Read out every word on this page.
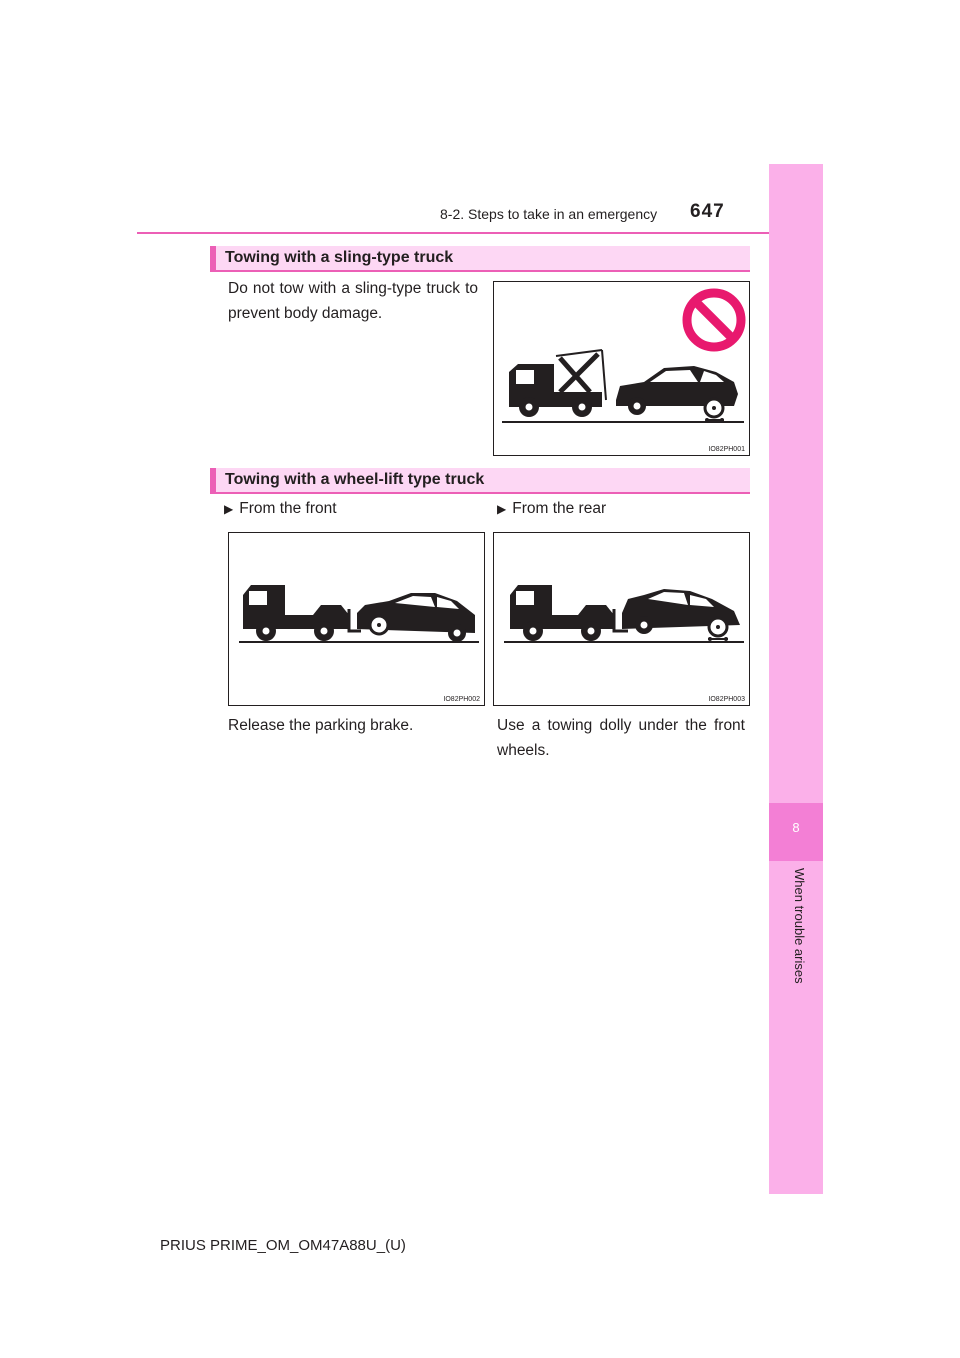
8-2. Steps to take in an emergency 647
8
When trouble arises
Towing with a sling-type truck
Do not tow with a sling-type truck to prevent body damage.
IO82PH001
Towing with a wheel-lift type truck
▶ From the front	▶ From the rear
IO82PH002	IO82PH003
Release the parking brake.	Use a towing dolly under the front wheels.
PRIUS PRIME_OM_OM47A88U_(U)
